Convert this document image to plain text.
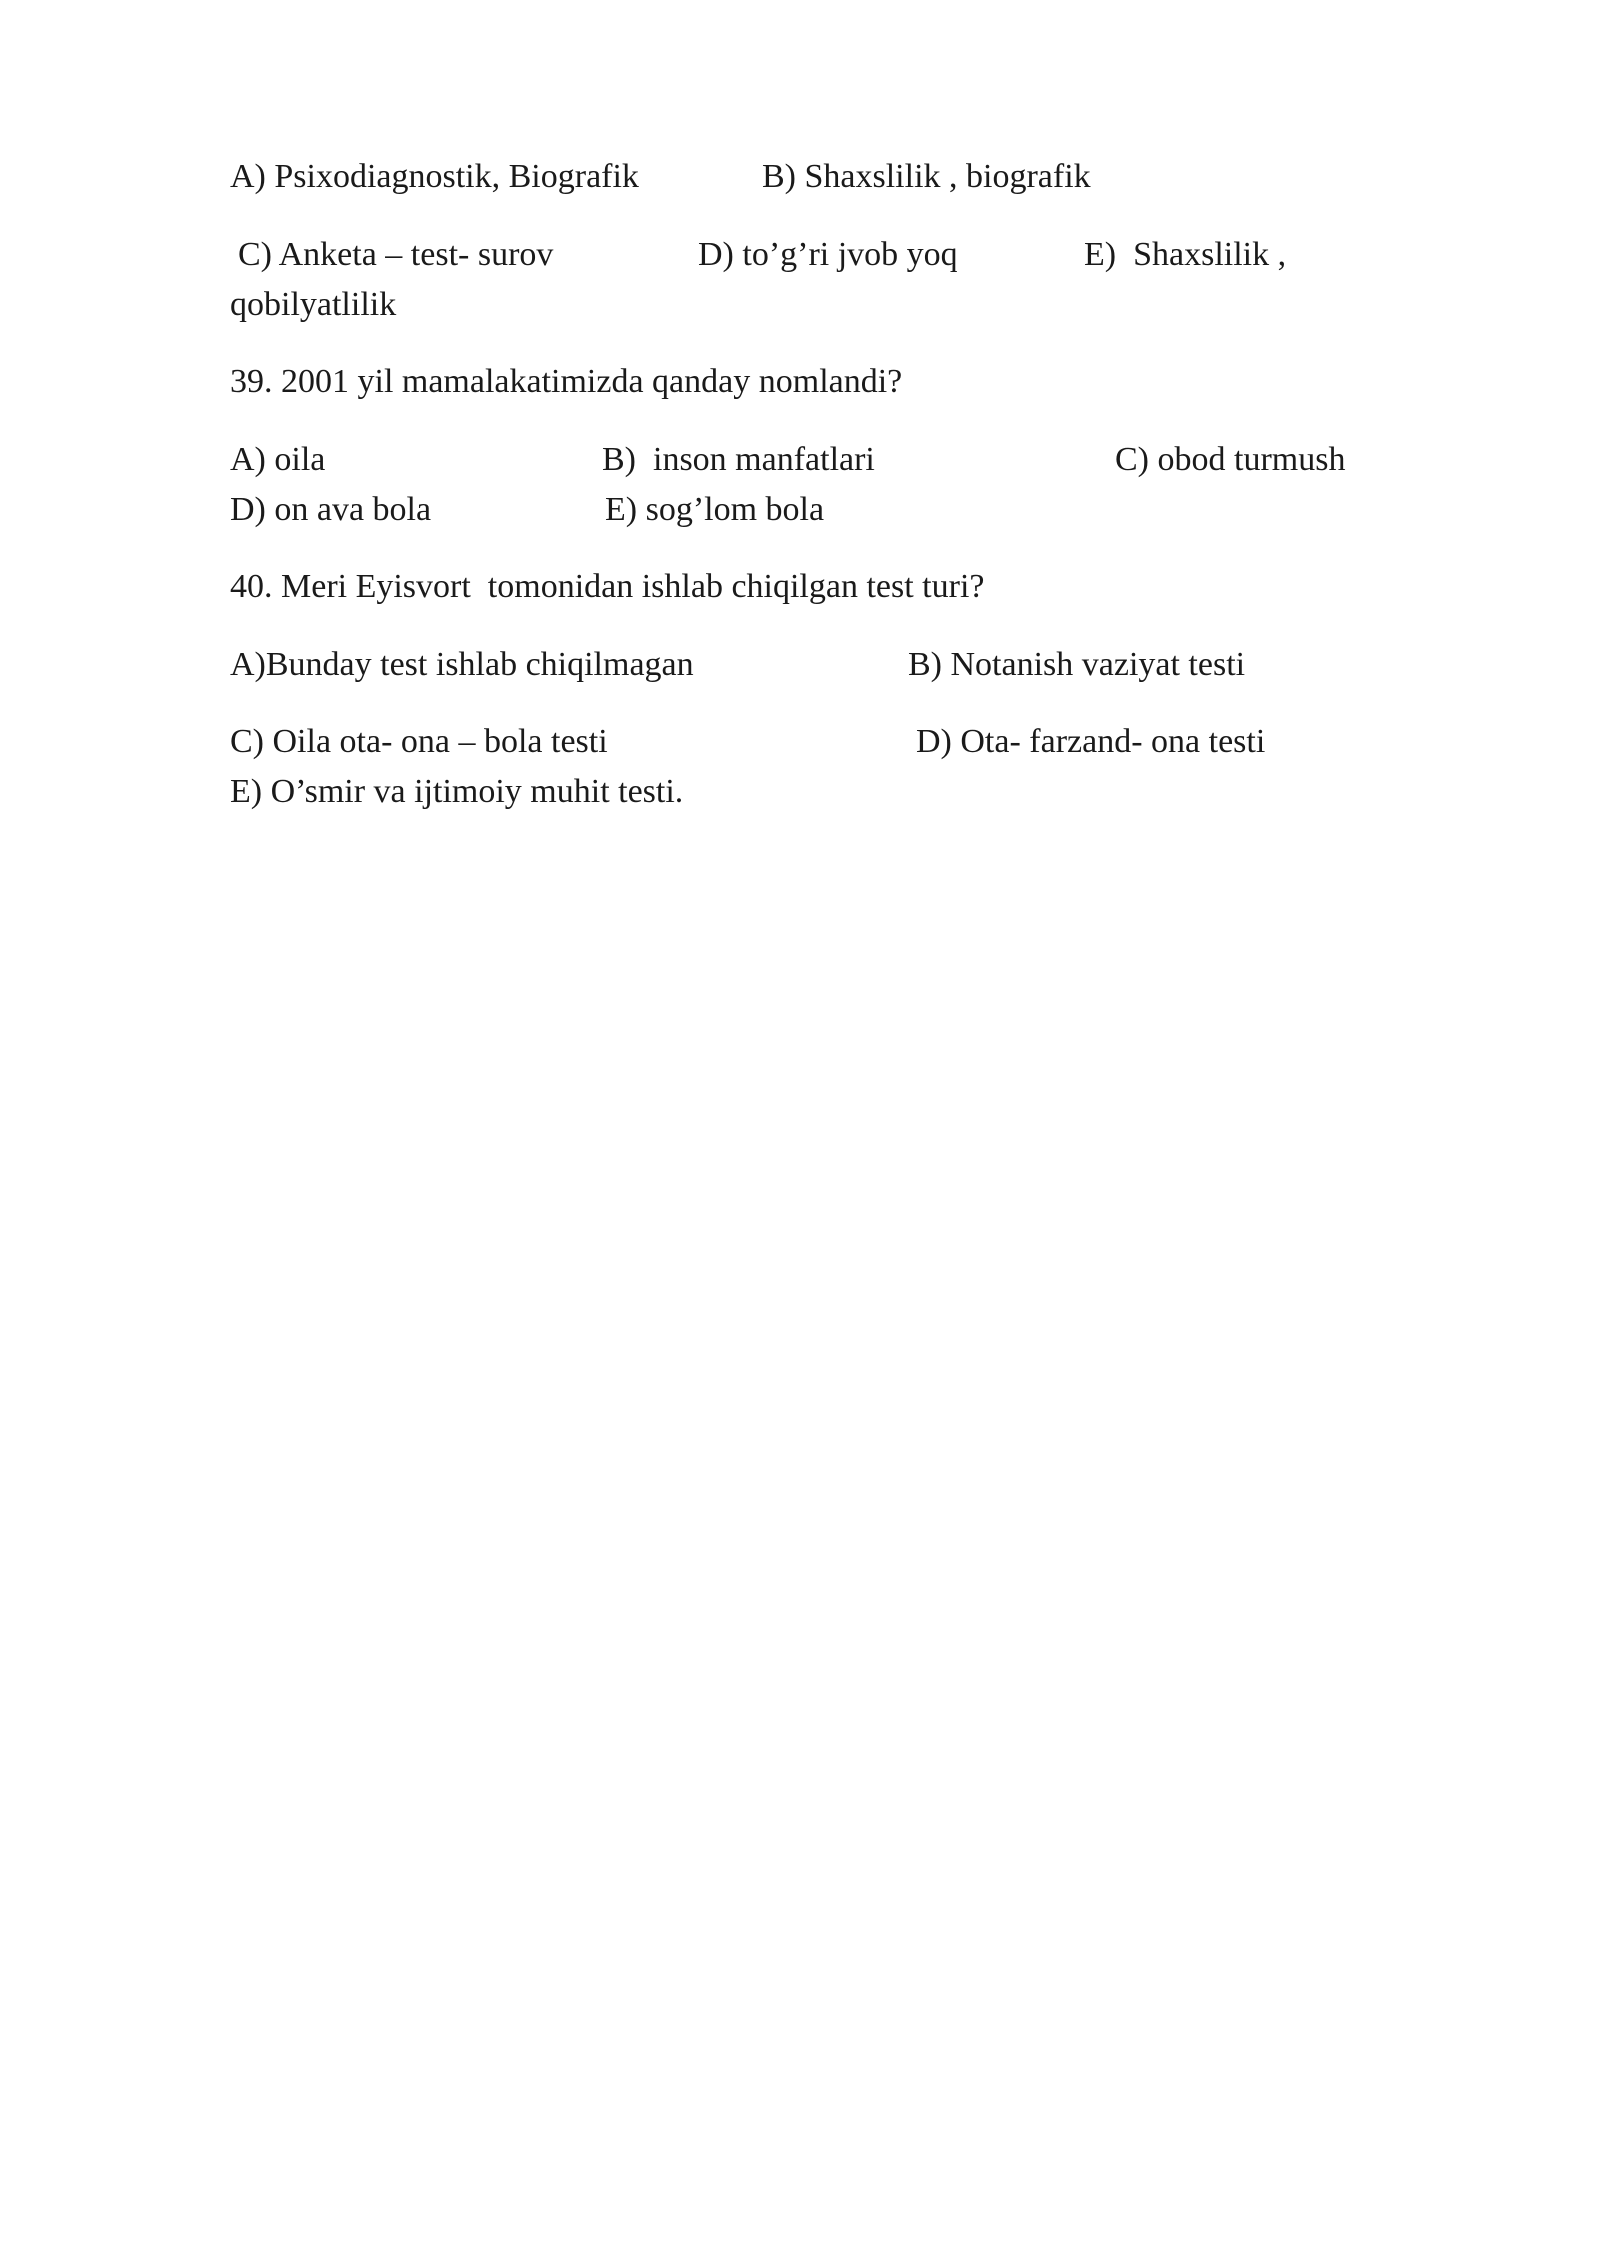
A) Psixodiagnostik, Biografik	B) Shaxslilik , biografik
C) Anketa – test- surov	D) to’g’ri jvob yoq	E)  Shaxslilik ,
qobilyatlilik
39. 2001 yil mamalakatimizda qanday nomlandi?
A) oila	B)  inson manfatlari	C) obod turmush
D) on ava bola	E) sog’lom bola
40. Meri Eyisvort  tomonidan ishlab chiqilgan test turi?
A)Bunday test ishlab chiqilmagan	B) Notanish vaziyat testi
C) Oila ota- ona – bola testi	D) Ota- farzand- ona testi
E) O’smir va ijtimoiy muhit testi.
